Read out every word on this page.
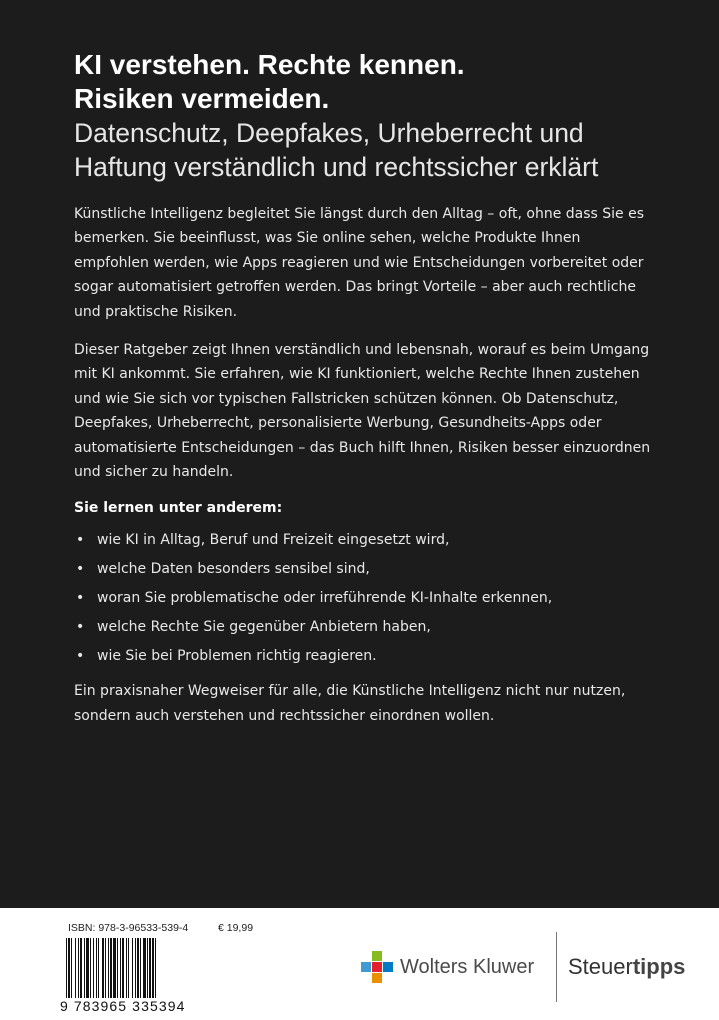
KI verstehen. Rechte kennen.
Risiken vermeiden.
Datenschutz, Deepfakes, Urheberrecht und
Haftung verständlich und rechtssicher erklärt

Künstliche Intelligenz begleitet Sie längst durch den Alltag – oft, ohne dass Sie es bemerken. Sie beeinflusst, was Sie online sehen, welche Produkte Ihnen empfohlen werden, wie Apps reagieren und wie Entscheidungen vorbereitet oder sogar automatisiert getroffen werden. Das bringt Vorteile – aber auch rechtliche und praktische Risiken.

Dieser Ratgeber zeigt Ihnen verständlich und lebensnah, worauf es beim Umgang mit KI ankommt. Sie erfahren, wie KI funktioniert, welche Rechte Ihnen zustehen und wie Sie sich vor typischen Fallstricken schützen können. Ob Datenschutz, Deepfakes, Urheberrecht, personalisierte Werbung, Gesundheits-Apps oder automatisierte Entscheidungen – das Buch hilft Ihnen, Risiken besser einzuordnen und sicher zu handeln.

Sie lernen unter anderem:
• wie KI in Alltag, Beruf und Freizeit eingesetzt wird,
• welche Daten besonders sensibel sind,
• woran Sie problematische oder irreführende KI-Inhalte erkennen,
• welche Rechte Sie gegenüber Anbietern haben,
• wie Sie bei Problemen richtig reagieren.

Ein praxisnaher Wegweiser für alle, die Künstliche Intelligenz nicht nur nutzen, sondern auch verstehen und rechtssicher einordnen wollen.

ISBN: 978-3-96533-539-4	€ 19,99
9 783965 335394
Wolters Kluwer Steuertipps
